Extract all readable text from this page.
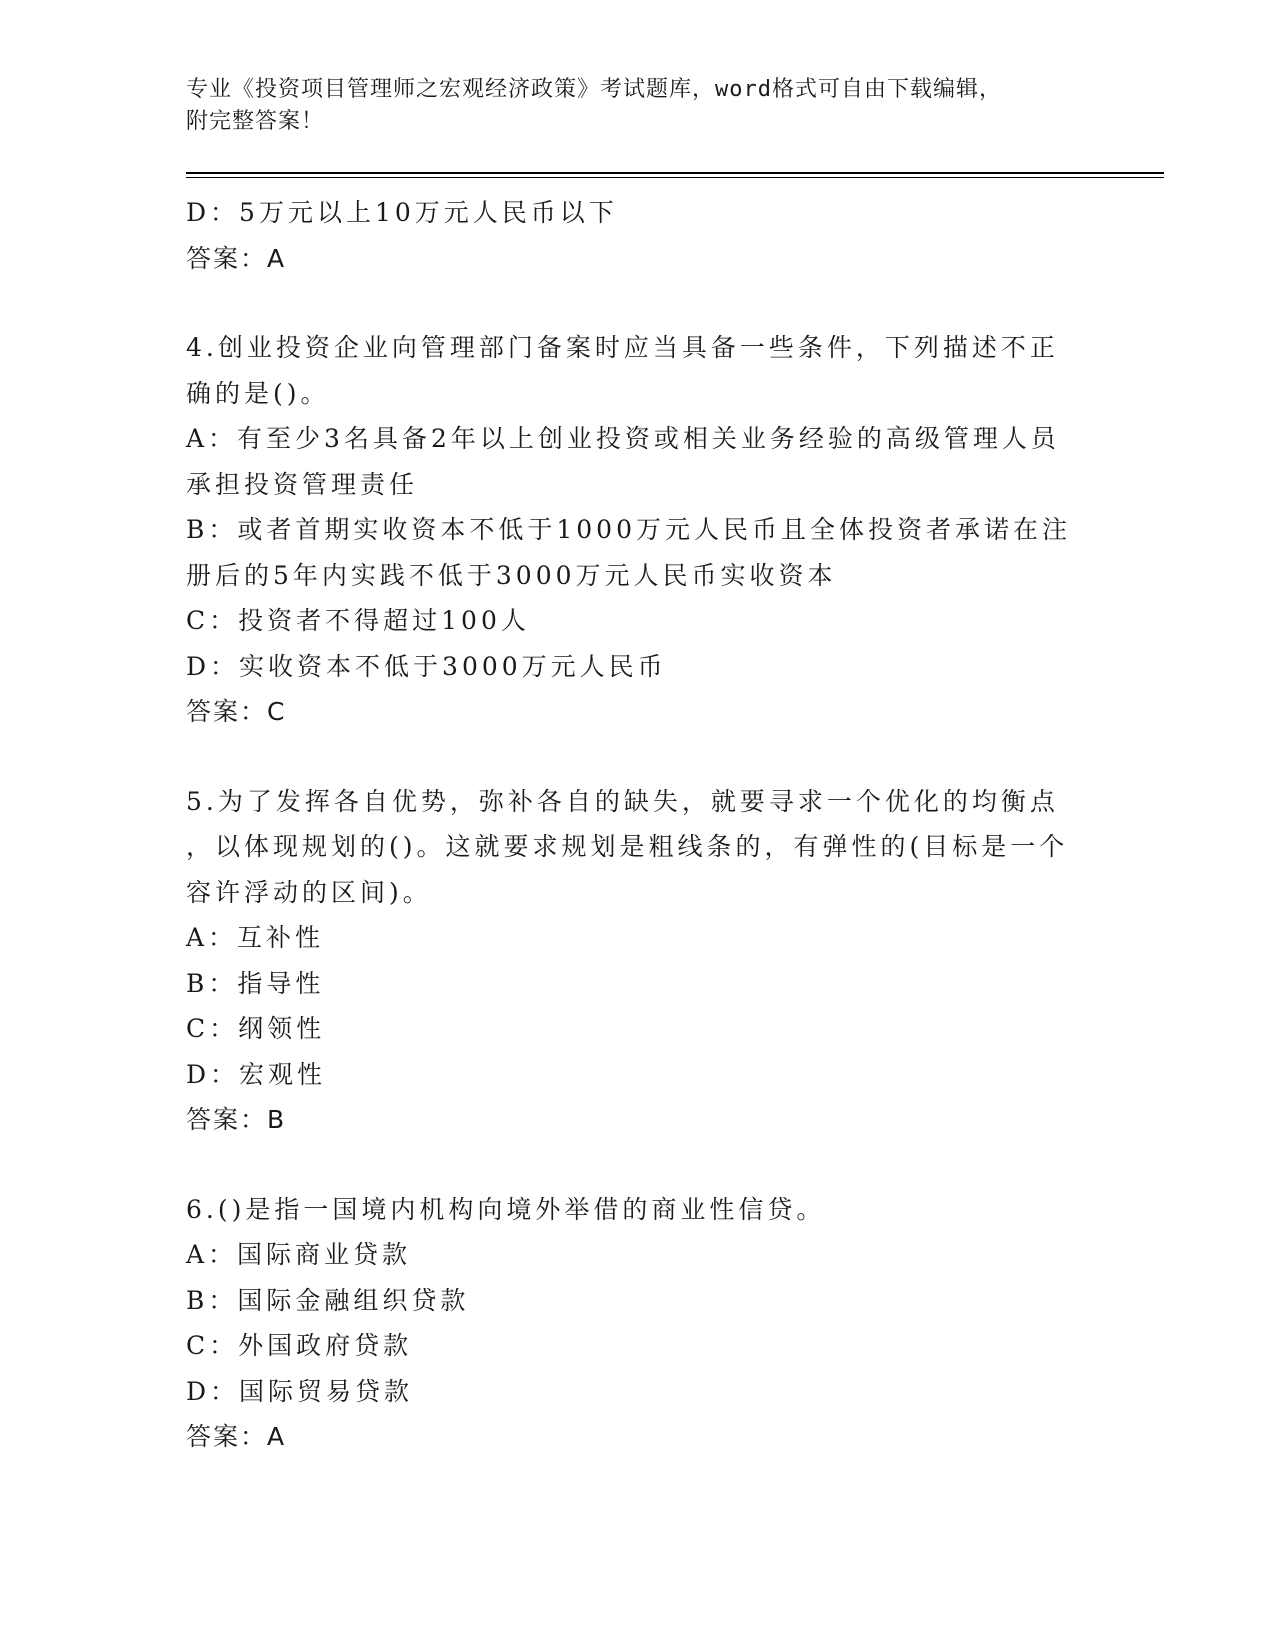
专业《投资项目管理师之宏观经济政策》考试题库，word格式可自由下载编辑，
附完整答案！
D：5万元以上10万元人民币以下
答案：A
4.创业投资企业向管理部门备案时应当具备一些条件，下列描述不正
确的是()。
A：有至少3名具备2年以上创业投资或相关业务经验的高级管理人员
承担投资管理责任
B：或者首期实收资本不低于1000万元人民币且全体投资者承诺在注
册后的5年内实践不低于3000万元人民币实收资本
C：投资者不得超过100人
D：实收资本不低于3000万元人民币
答案：C
5.为了发挥各自优势，弥补各自的缺失，就要寻求一个优化的均衡点
，以体现规划的()。这就要求规划是粗线条的，有弹性的(目标是一个
容许浮动的区间)。
A：互补性
B：指导性
C：纲领性
D：宏观性
答案：B
6.()是指一国境内机构向境外举借的商业性信贷。
A：国际商业贷款
B：国际金融组织贷款
C：外国政府贷款
D：国际贸易贷款
答案：A
